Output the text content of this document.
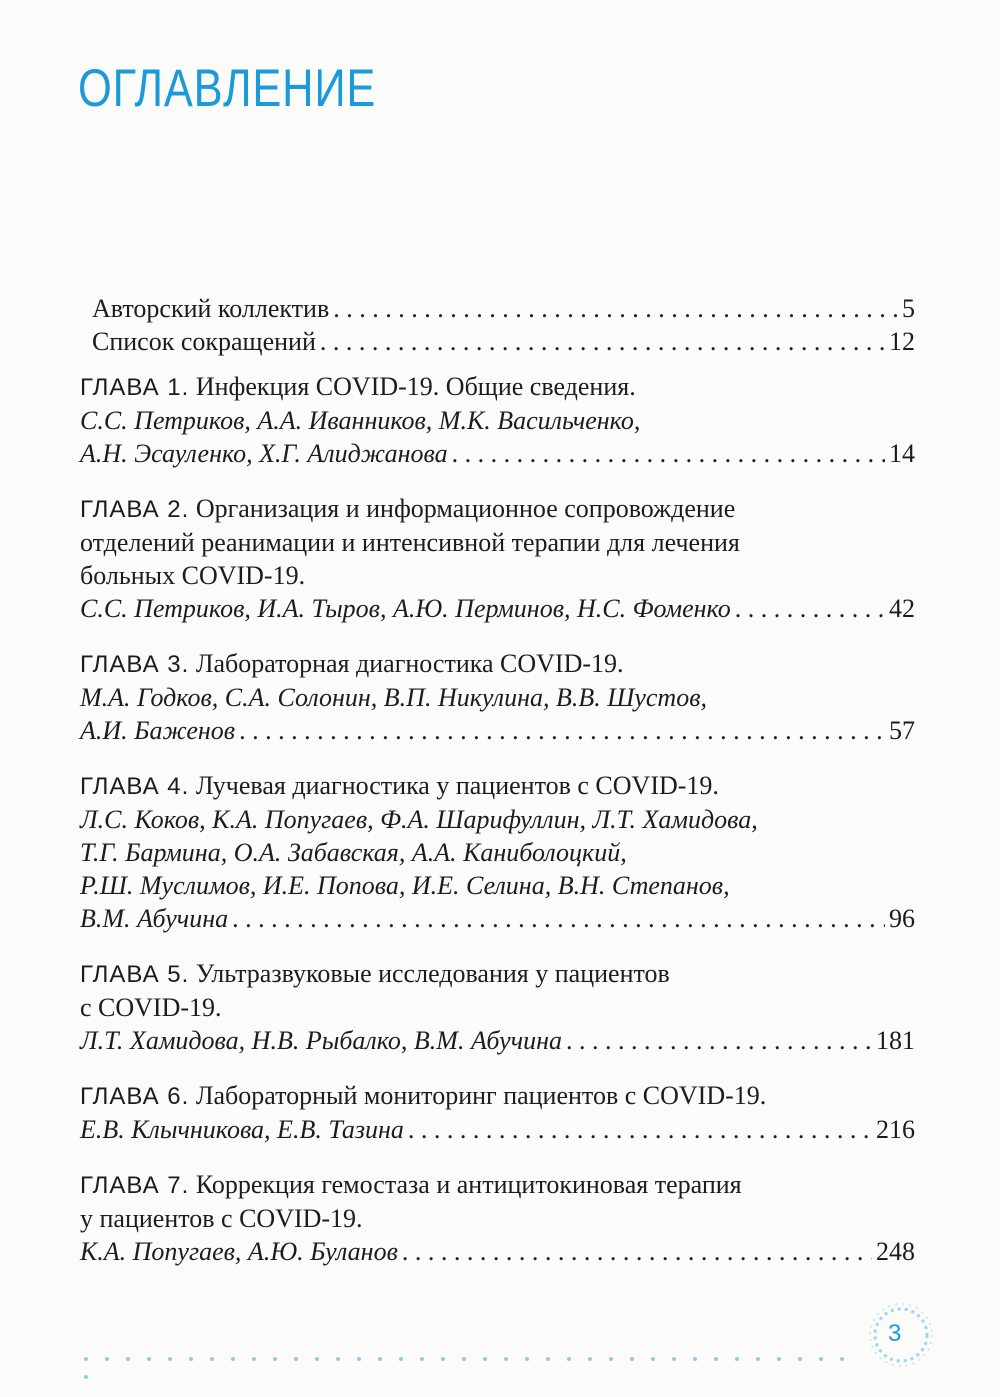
ОГЛАВЛЕНИЕ
Авторский коллектив . . .	5
Список сокращений . . .	12
ГЛАВА 1. Инфекция COVID-19. Общие сведения.
С.С. Петриков, А.А. Иванников, М.К. Васильченко,
А.Н. Эсауленко, Х.Г. Алиджанова . . .	14
ГЛАВА 2. Организация и информационное сопровождение
отделений реанимации и интенсивной терапии для лечения
больных COVID-19.
С.С. Петриков, И.А. Тыров, А.Ю. Перминов, Н.С. Фоменко . . .	42
ГЛАВА 3. Лабораторная диагностика COVID-19.
М.А. Годков, С.А. Солонин, В.П. Никулина, В.В. Шустов,
А.И. Баженов . . .	57
ГЛАВА 4. Лучевая диагностика у пациентов с COVID-19.
Л.С. Коков, К.А. Попугаев, Ф.А. Шарифуллин, Л.Т. Хамидова,
Т.Г. Бармина, О.А. Забавская, А.А. Каниболоцкий,
Р.Ш. Муслимов, И.Е. Попова, И.Е. Селина, В.Н. Степанов,
В.М. Абучина . . .	96
ГЛАВА 5. Ультразвуковые исследования у пациентов
с COVID-19.
Л.Т. Хамидова, Н.В. Рыбалко, В.М. Абучина . . .	181
ГЛАВА 6. Лабораторный мониторинг пациентов с COVID-19.
Е.В. Клычникова, Е.В. Тазина . . .	216
ГЛАВА 7. Коррекция гемостаза и антицитокиновая терапия
у пациентов с COVID-19.
К.А. Попугаев, А.Ю. Буланов . . .	248
3
